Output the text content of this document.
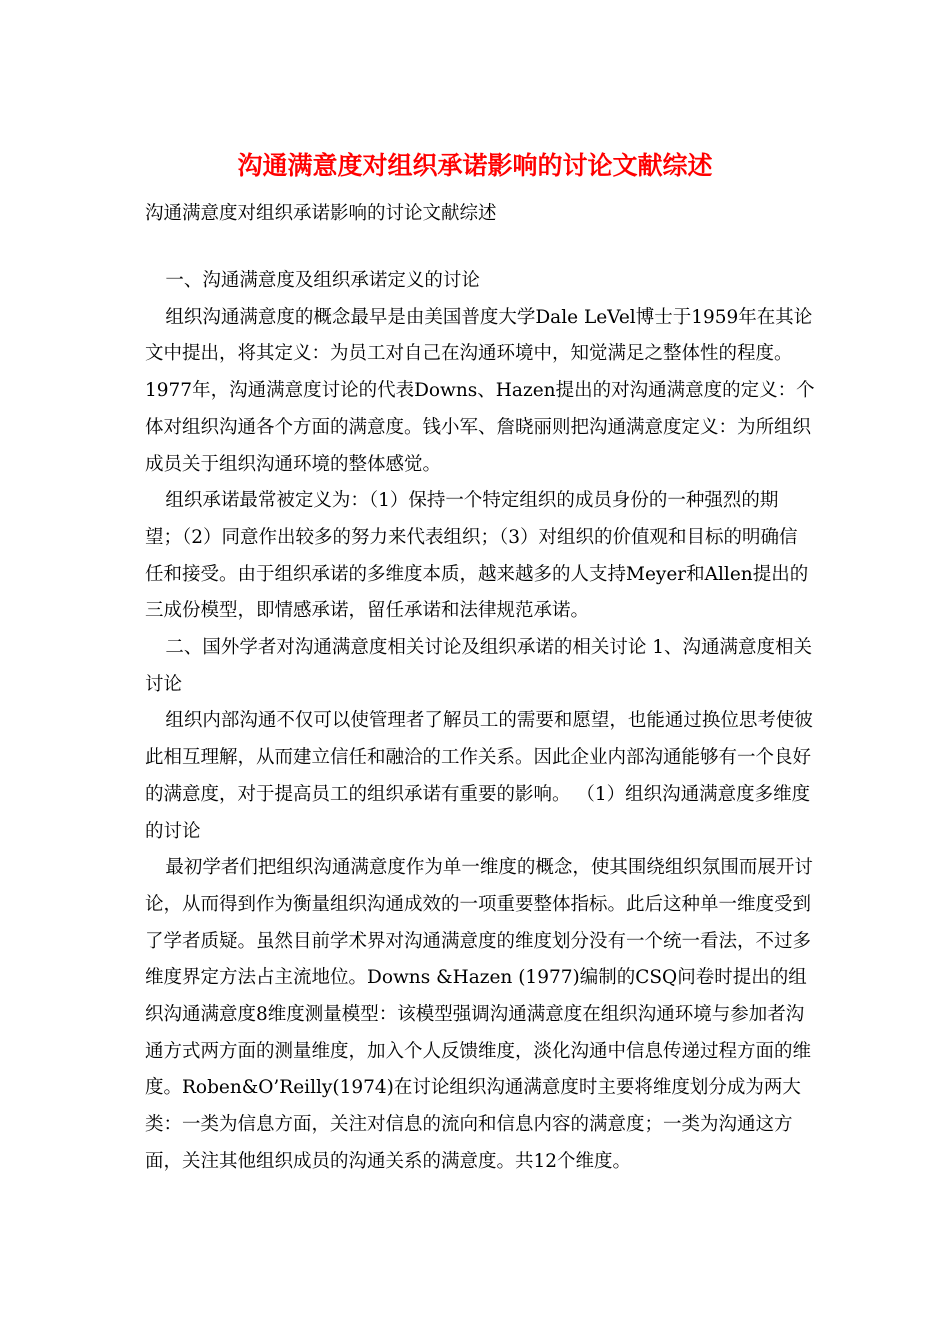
沟通满意度对组织承诺影响的讨论文献综述
沟通满意度对组织承诺影响的讨论文献综述

一、沟通满意度及组织承诺定义的讨论

组织沟通满意度的概念最早是由美国普度大学Dale LeVel博士于1959年在其论文中提出，将其定义：为员工对自己在沟通环境中，知觉满足之整体性的程度。1977年，沟通满意度讨论的代表Downs、Hazen提出的对沟通满意度的定义：个体对组织沟通各个方面的满意度。钱小军、詹晓丽则把沟通满意度定义：为所组织成员关于组织沟通环境的整体感觉。

组织承诺最常被定义为：（1）保持一个特定组织的成员身份的一种强烈的期望；（2）同意作出较多的努力来代表组织；（3）对组织的价值观和目标的明确信任和接受。由于组织承诺的多维度本质，越来越多的人支持Meyer和Allen提出的三成份模型，即情感承诺，留任承诺和法律规范承诺。

二、国外学者对沟通满意度相关讨论及组织承诺的相关讨论 1、沟通满意度相关讨论

组织内部沟通不仅可以使管理者了解员工的需要和愿望，也能通过换位思考使彼此相互理解，从而建立信任和融洽的工作关系。因此企业内部沟通能够有一个良好的满意度，对于提高员工的组织承诺有重要的影响。 （1）组织沟通满意度多维度的讨论

最初学者们把组织沟通满意度作为单一维度的概念，使其围绕组织氛围而展开讨论，从而得到作为衡量组织沟通成效的一项重要整体指标。此后这种单一维度受到了学者质疑。虽然目前学术界对沟通满意度的维度划分没有一个统一看法，不过多维度界定方法占主流地位。Downs &Hazen (1977)编制的CSQ问卷时提出的组织沟通满意度8维度测量模型：该模型强调沟通满意度在组织沟通环境与参加者沟通方式两方面的测量维度，加入个人反馈维度，淡化沟通中信息传递过程方面的维度。Roben&O’Reilly(1974)在讨论组织沟通满意度时主要将维度划分成为两大类：一类为信息方面，关注对信息的流向和信息内容的满意度；一类为沟通这方面，关注其他组织成员的沟通关系的满意度。共12个维度。
